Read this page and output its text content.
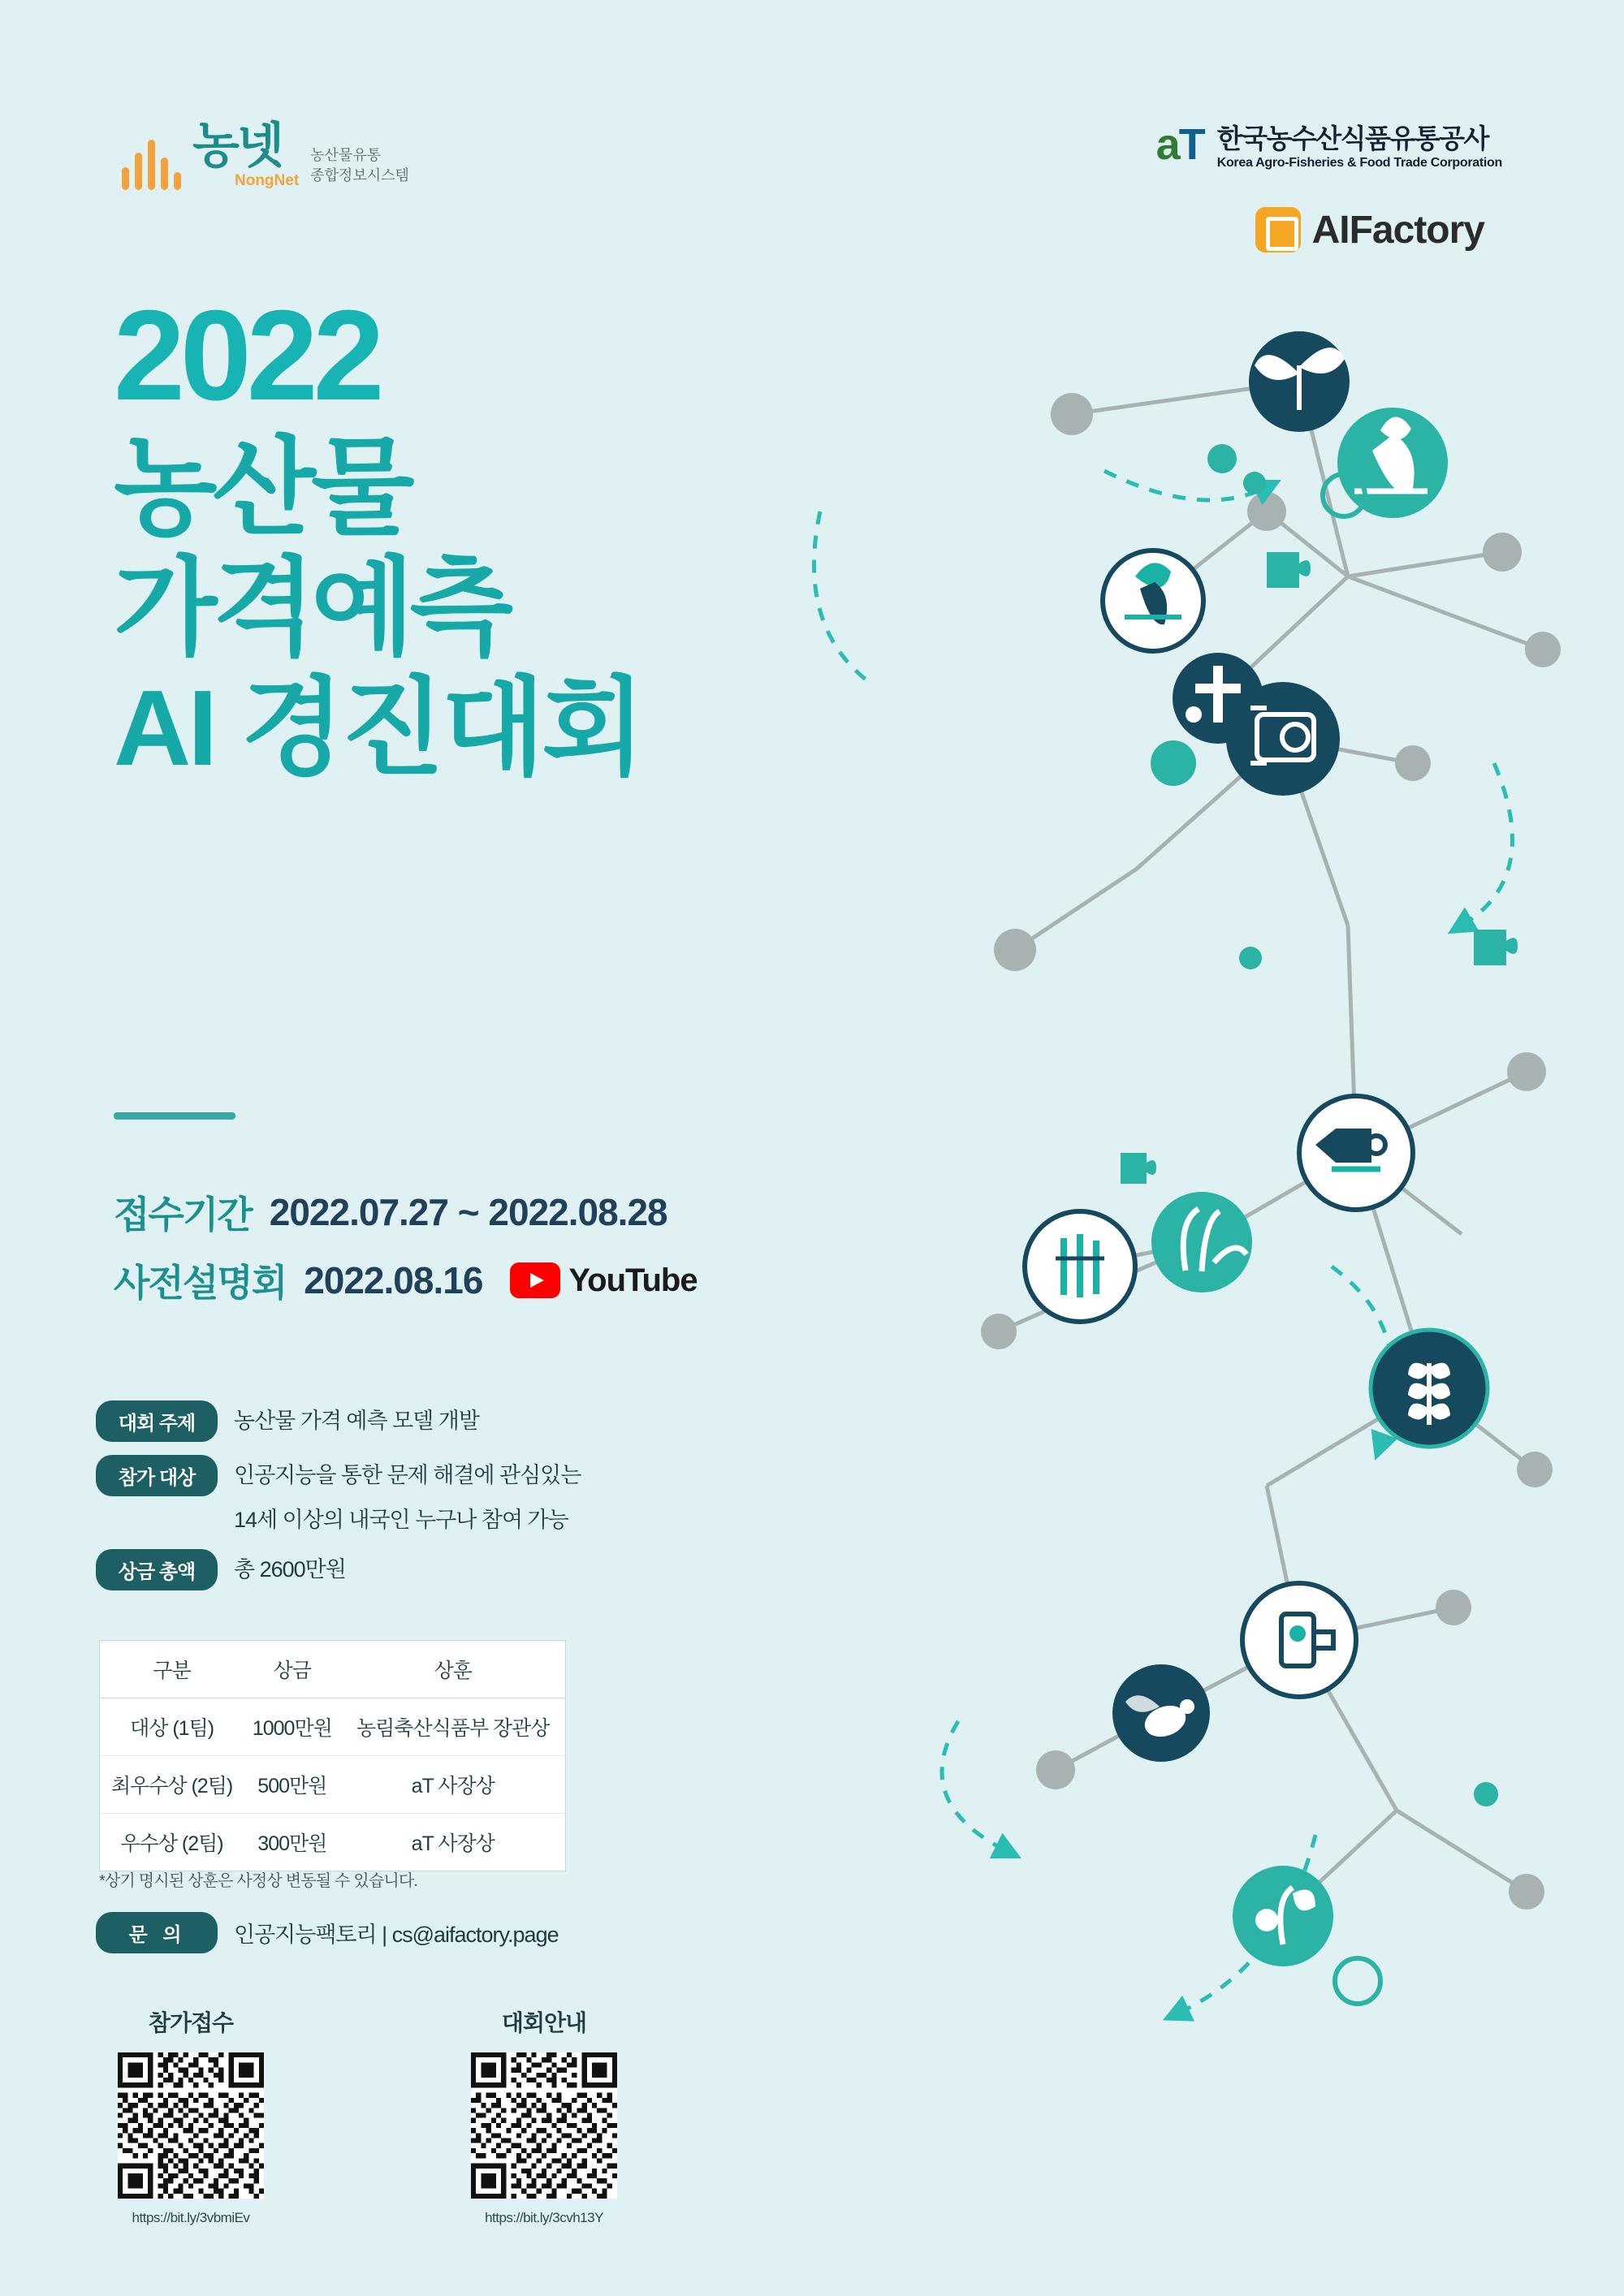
농넷
NongNet
농산물유통
종합정보시스템
aT 한국농수산식품유통공사
Korea Agro-Fisheries & Food Trade Corporation
AIFactory
2022
농산물
가격예측
AI 경진대회
접수기간 2022.07.27 ~ 2022.08.28
사전설명회 2022.08.16	YouTube
대회 주제	농산물 가격 예측 모델 개발
참가 대상	인공지능을 통한 문제 해결에 관심있는
14세 이상의 내국인 누구나 참여 가능
상금 총액	총 2600만원
구분	상금	상훈
대상 (1팀)	1000만원	농림축산식품부 장관상
최우수상 (2팀)	500만원	aT 사장상
우수상 (2팀)	300만원	aT 사장상
*상기 명시된 상훈은 사정상 변동될 수 있습니다.
문 의	인공지능팩토리 | cs@aifactory.page
참가접수
https://bit.ly/3vbmiEv
대회안내
https://bit.ly/3cvh13Y
